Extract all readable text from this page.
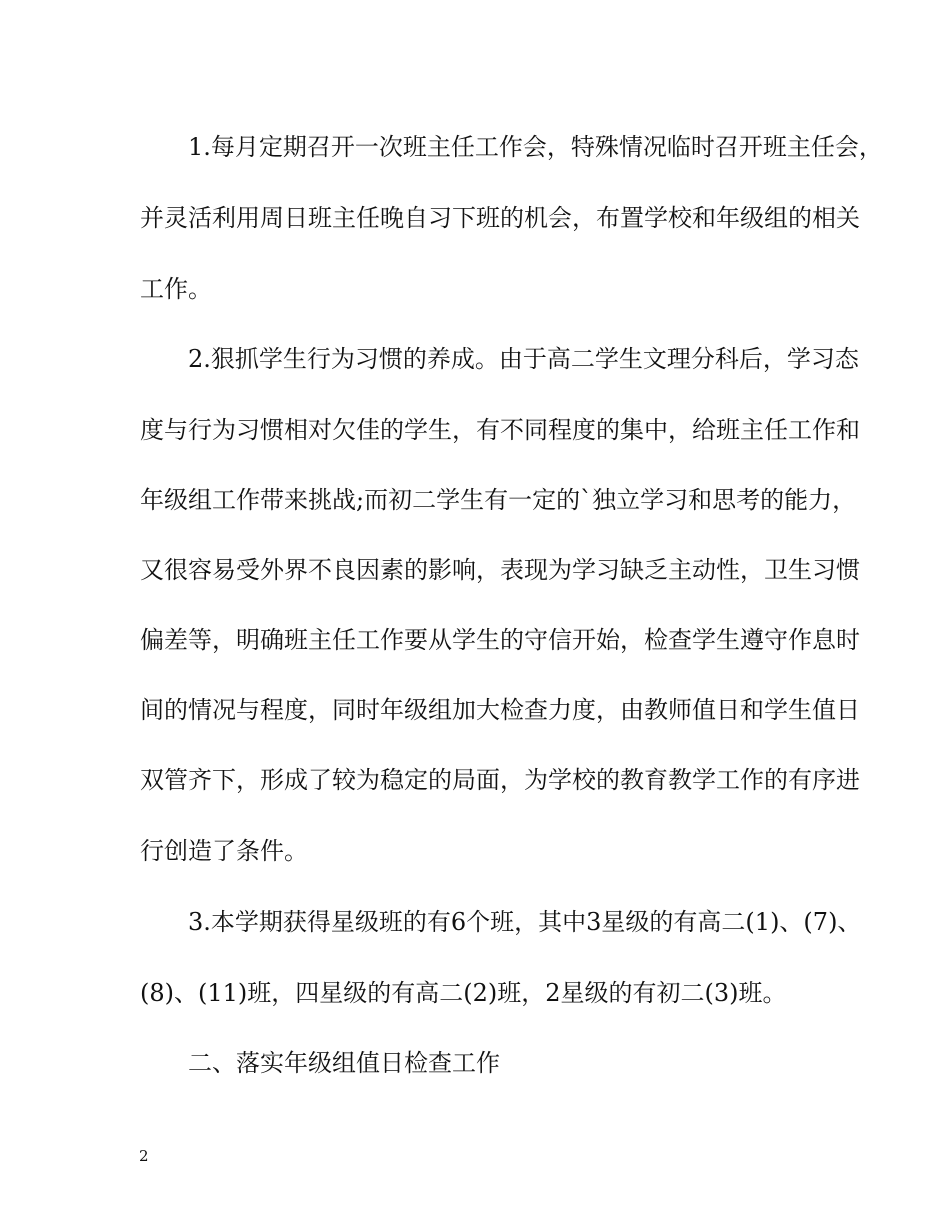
1.每月定期召开一次班主任工作会，特殊情况临时召开班主任会，
并灵活利用周日班主任晚自习下班的机会，布置学校和年级组的相关
工作。
2.狠抓学生行为习惯的养成。由于高二学生文理分科后，学习态
度与行为习惯相对欠佳的学生，有不同程度的集中，给班主任工作和
年级组工作带来挑战;而初二学生有一定的`独立学习和思考的能力，
又很容易受外界不良因素的影响，表现为学习缺乏主动性，卫生习惯
偏差等，明确班主任工作要从学生的守信开始，检查学生遵守作息时
间的情况与程度，同时年级组加大检查力度，由教师值日和学生值日
双管齐下，形成了较为稳定的局面，为学校的教育教学工作的有序进
行创造了条件。
3.本学期获得星级班的有6个班，其中3星级的有高二(1)、(7)、
(8)、(11)班，四星级的有高二(2)班，2星级的有初二(3)班。
二、落实年级组值日检查工作
2
